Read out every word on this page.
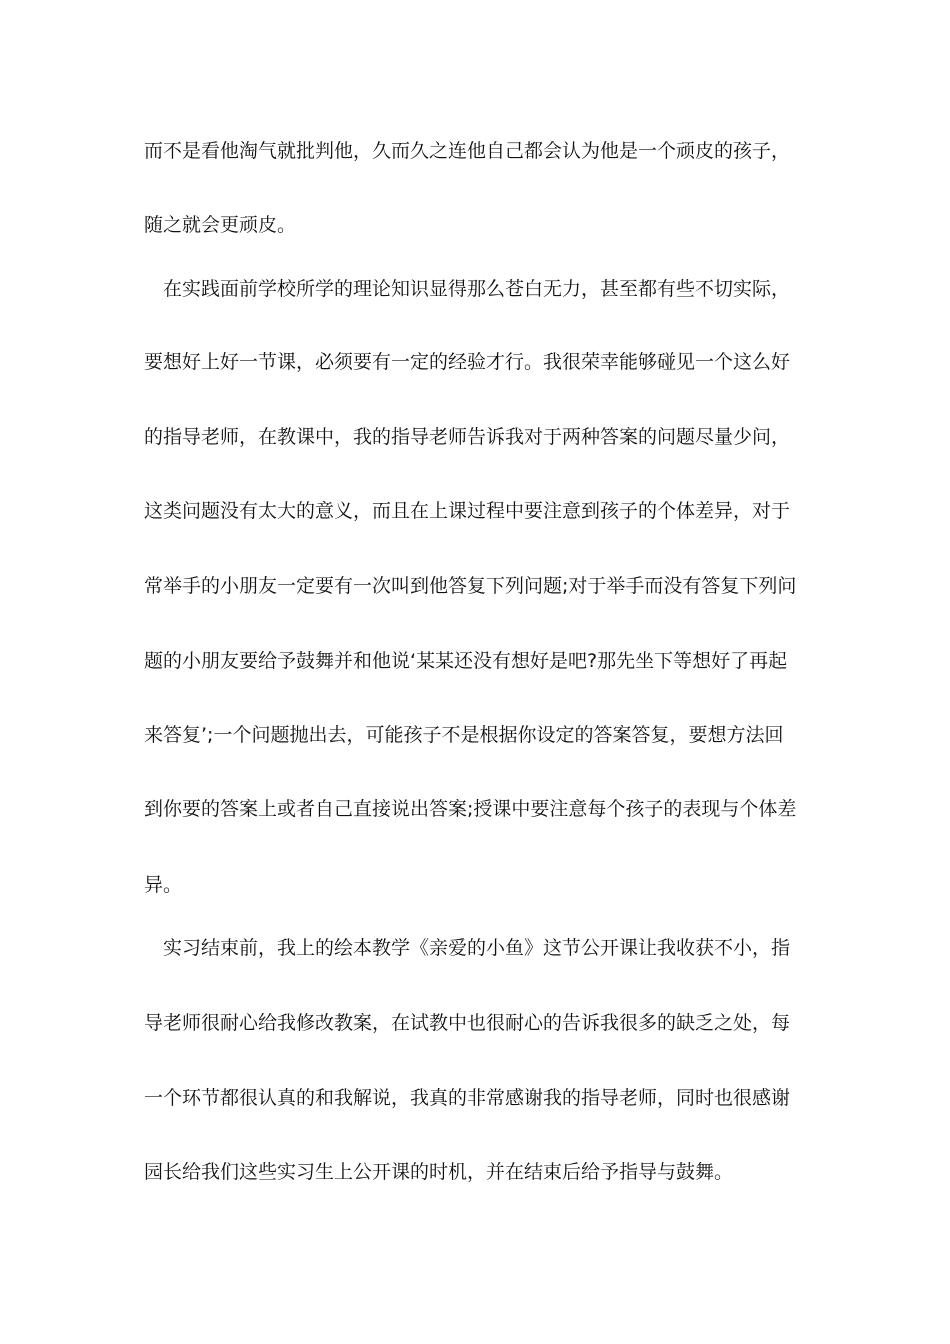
而不是看他淘气就批判他，久而久之连他自己都会认为他是一个顽皮的孩子，
随之就会更顽皮。
　在实践面前学校所学的理论知识显得那么苍白无力，甚至都有些不切实际，
要想好上好一节课，必须要有一定的经验才行。我很荣幸能够碰见一个这么好
的指导老师，在教课中，我的指导老师告诉我对于两种答案的问题尽量少问，
这类问题没有太大的意义，而且在上课过程中要注意到孩子的个体差异，对于
常举手的小朋友一定要有一次叫到他答复下列问题;对于举手而没有答复下列问
题的小朋友要给予鼓舞并和他说‘某某还没有想好是吧?那先坐下等想好了再起
来答复’;一个问题抛出去，可能孩子不是根据你设定的答案答复，要想方法回
到你要的答案上或者自己直接说出答案;授课中要注意每个孩子的表现与个体差
异。
　实习结束前，我上的绘本教学《亲爱的小鱼》这节公开课让我收获不小，指
导老师很耐心给我修改教案，在试教中也很耐心的告诉我很多的缺乏之处，每
一个环节都很认真的和我解说，我真的非常感谢我的指导老师，同时也很感谢
园长给我们这些实习生上公开课的时机，并在结束后给予指导与鼓舞。
